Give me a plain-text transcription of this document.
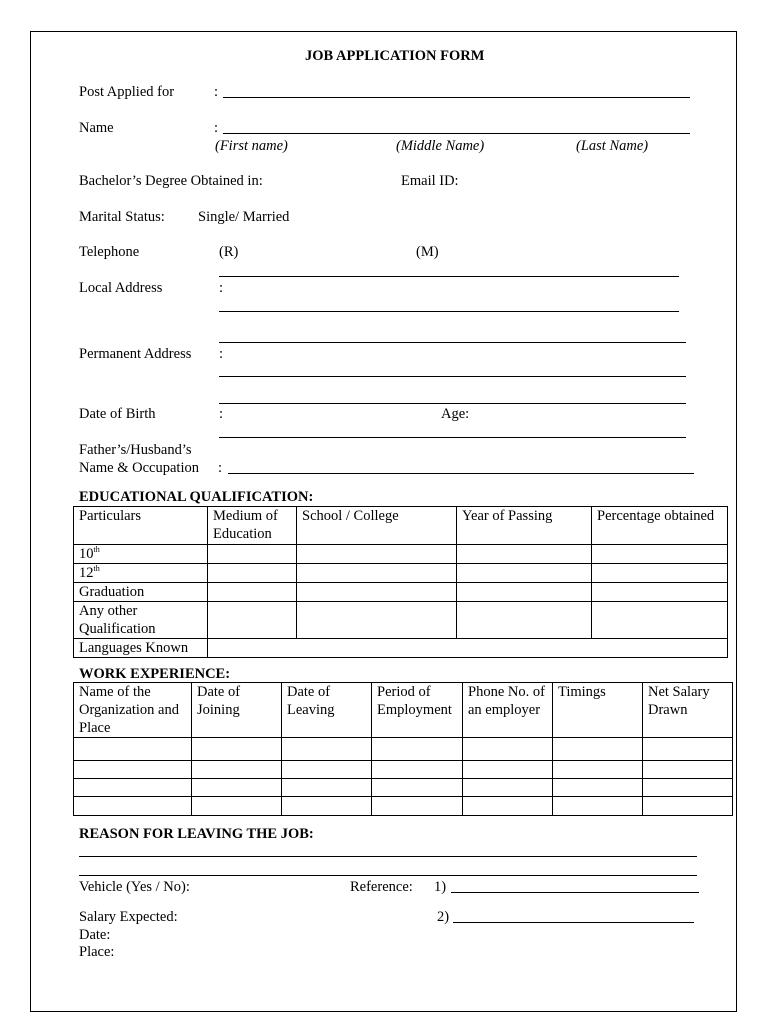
JOB APPLICATION FORM
Post Applied for	:
Name	:
(First name)	(Middle Name)	(Last Name)
Bachelor’s Degree Obtained in:	Email ID:
Marital Status: Single/ Married
Telephone	(R)	(M)
Local Address	:
Permanent Address :
Date of Birth	:	Age:
Father’s/Husband’s
Name & Occupation :
EDUCATIONAL QUALIFICATION:
Particulars	Medium of Education	School / College	Year of Passing	Percentage obtained
10th				
12th				
Graduation				
Any other Qualification				
Languages Known				
WORK EXPERIENCE:
Name of the Organization and Place	Date of Joining	Date of Leaving	Period of Employment	Phone No. of an employer	Timings	Net Salary Drawn

REASON FOR LEAVING THE JOB:
Vehicle (Yes / No):	Reference: 1)
Salary Expected:	2)
Date:
Place:
